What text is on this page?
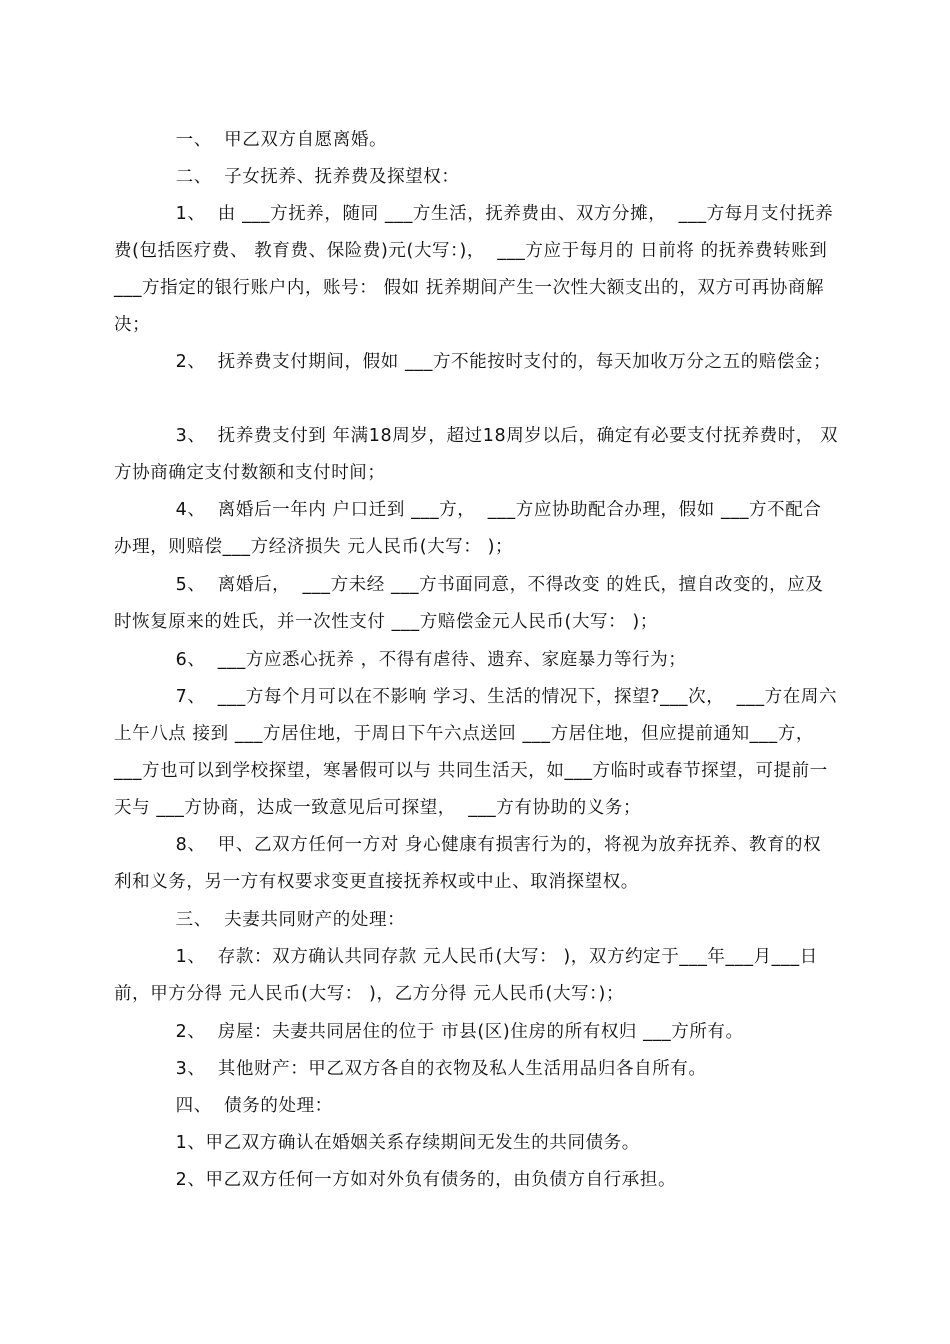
一、  甲乙双方自愿离婚。

二、  子女抚养、抚养费及探望权：

1、  由 ___方抚养，随同 ___方生活，抚养费由、双方分摊，  ___方每月支付抚养费(包括医疗费、 教育费、保险费)元(大写：)，  ___方应于每月的 日前将 的抚养费转账到___方指定的银行账户内，账号： 假如 抚养期间产生一次性大额支出的，双方可再协商解决；

2、  抚养费支付期间，假如 ___方不能按时支付的，每天加收万分之五的赔偿金；

3、  抚养费支付到 年满18周岁，超过18周岁以后，确定有必要支付抚养费时， 双方协商确定支付数额和支付时间；

4、  离婚后一年内 户口迁到 ___方，  ___方应协助配合办理，假如 ___方不配合办理，则赔偿___方经济损失 元人民币(大写： )；

5、  离婚后，  ___方未经 ___方书面同意，不得改变 的姓氏，擅自改变的，应及时恢复原来的姓氏，并一次性支付 ___方赔偿金元人民币(大写： )；

6、  ___方应悉心抚养 ，不得有虐待、遗弃、家庭暴力等行为；

7、  ___方每个月可以在不影响 学习、生活的情况下，探望?___次，  ___方在周六上午八点 接到 ___方居住地，于周日下午六点送回 ___方居住地，但应提前通知___方，___方也可以到学校探望，寒暑假可以与 共同生活天，如___方临时或春节探望，可提前一天与 ___方协商，达成一致意见后可探望，  ___方有协助的义务；

8、  甲、乙双方任何一方对 身心健康有损害行为的，将视为放弃抚养、教育的权利和义务，另一方有权要求变更直接抚养权或中止、取消探望权。

三、  夫妻共同财产的处理：

1、  存款：双方确认共同存款 元人民币(大写： )，双方约定于___年___月___日前，甲方分得 元人民币(大写： )，乙方分得 元人民币(大写：)；

2、  房屋：夫妻共同居住的位于 市县(区)住房的所有权归 ___方所有。

3、  其他财产：甲乙双方各自的衣物及私人生活用品归各自所有。

四、  债务的处理：

1、甲乙双方确认在婚姻关系存续期间无发生的共同债务。

2、甲乙双方任何一方如对外负有债务的，由负债方自行承担。
